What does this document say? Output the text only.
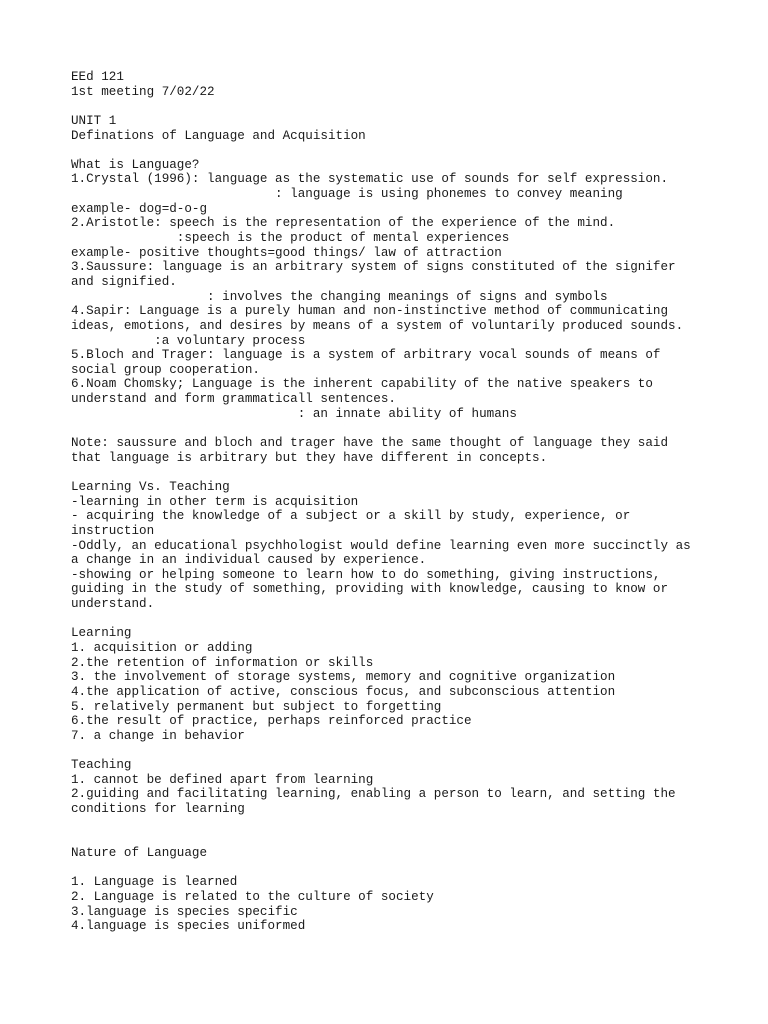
EEd 121
1st meeting 7/02/22
UNIT 1
Definations of Language and Acquisition
What is Language?
1.Crystal (1996): language as the systematic use of sounds for self expression.
: language is using phonemes to convey meaning
example- dog=d-o-g
2.Aristotle: speech is the representation of the experience of the mind.
:speech is the product of mental experiences
example- positive thoughts=good things/ law of attraction
3.Saussure: language is an arbitrary system of signs constituted of the signifer
and signified.
: involves the changing meanings of signs and symbols
4.Sapir: Language is a purely human and non-instinctive method of communicating
ideas, emotions, and desires by means of a system of voluntarily produced sounds.
:a voluntary process
5.Bloch and Trager: language is a system of arbitrary vocal sounds of means of
social group cooperation.
6.Noam Chomsky; Language is the inherent capability of the native speakers to
understand and form grammaticall sentences.
: an innate ability of humans
Note: saussure and bloch and trager have the same thought of language they said
that language is arbitrary but they have different in concepts.
Learning Vs. Teaching
-learning in other term is acquisition
- acquiring the knowledge of a subject or a skill by study, experience, or
instruction
-Oddly, an educational psychhologist would define learning even more succinctly as
a change in an individual caused by experience.
-showing or helping someone to learn how to do something, giving instructions,
guiding in the study of something, providing with knowledge, causing to know or
understand.
Learning
1. acquisition or adding
2.the retention of information or skills
3. the involvement of storage systems, memory and cognitive organization
4.the application of active, conscious focus, and subconscious attention
5. relatively permanent but subject to forgetting
6.the result of practice, perhaps reinforced practice
7. a change in behavior
Teaching
1. cannot be defined apart from learning
2.guiding and facilitating learning, enabling a person to learn, and setting the
conditions for learning
Nature of Language
1. Language is learned
2. Language is related to the culture of society
3.language is species specific
4.language is species uniformed
